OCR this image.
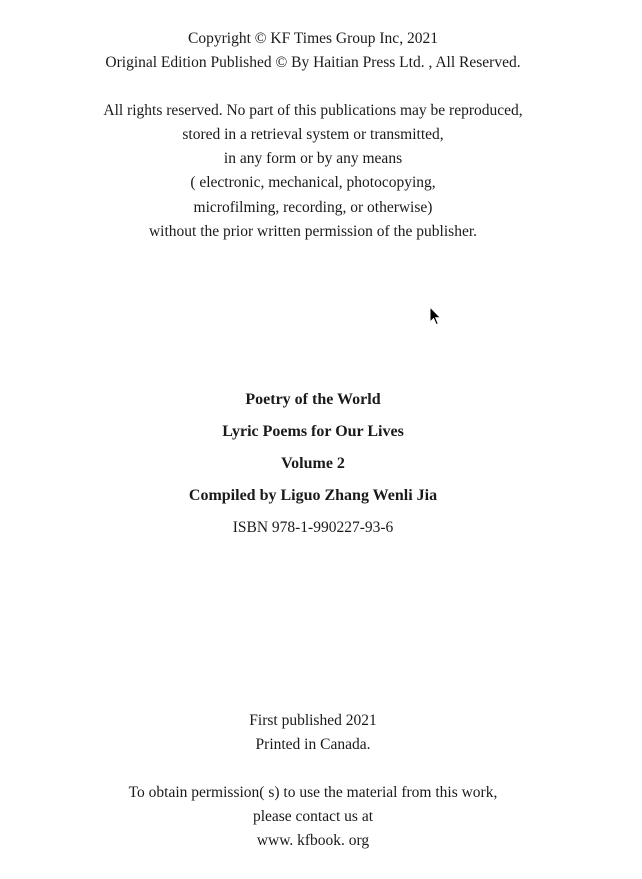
Copyright © KF Times Group Inc, 2021
Original Edition Published © By Haitian Press Ltd. , All Reserved.
All rights reserved. No part of this publications may be reproduced,
stored in a retrieval system or transmitted,
in any form or by any means
( electronic, mechanical, photocopying,
microfilming, recording, or otherwise)
without the prior written permission of the publisher.
Poetry of the World
Lyric Poems for Our Lives
Volume 2
Compiled by Liguo Zhang Wenli Jia
ISBN 978-1-990227-93-6
First published 2021
Printed in Canada.
To obtain permission( s) to use the material from this work,
please contact us at
www. kfbook. org
